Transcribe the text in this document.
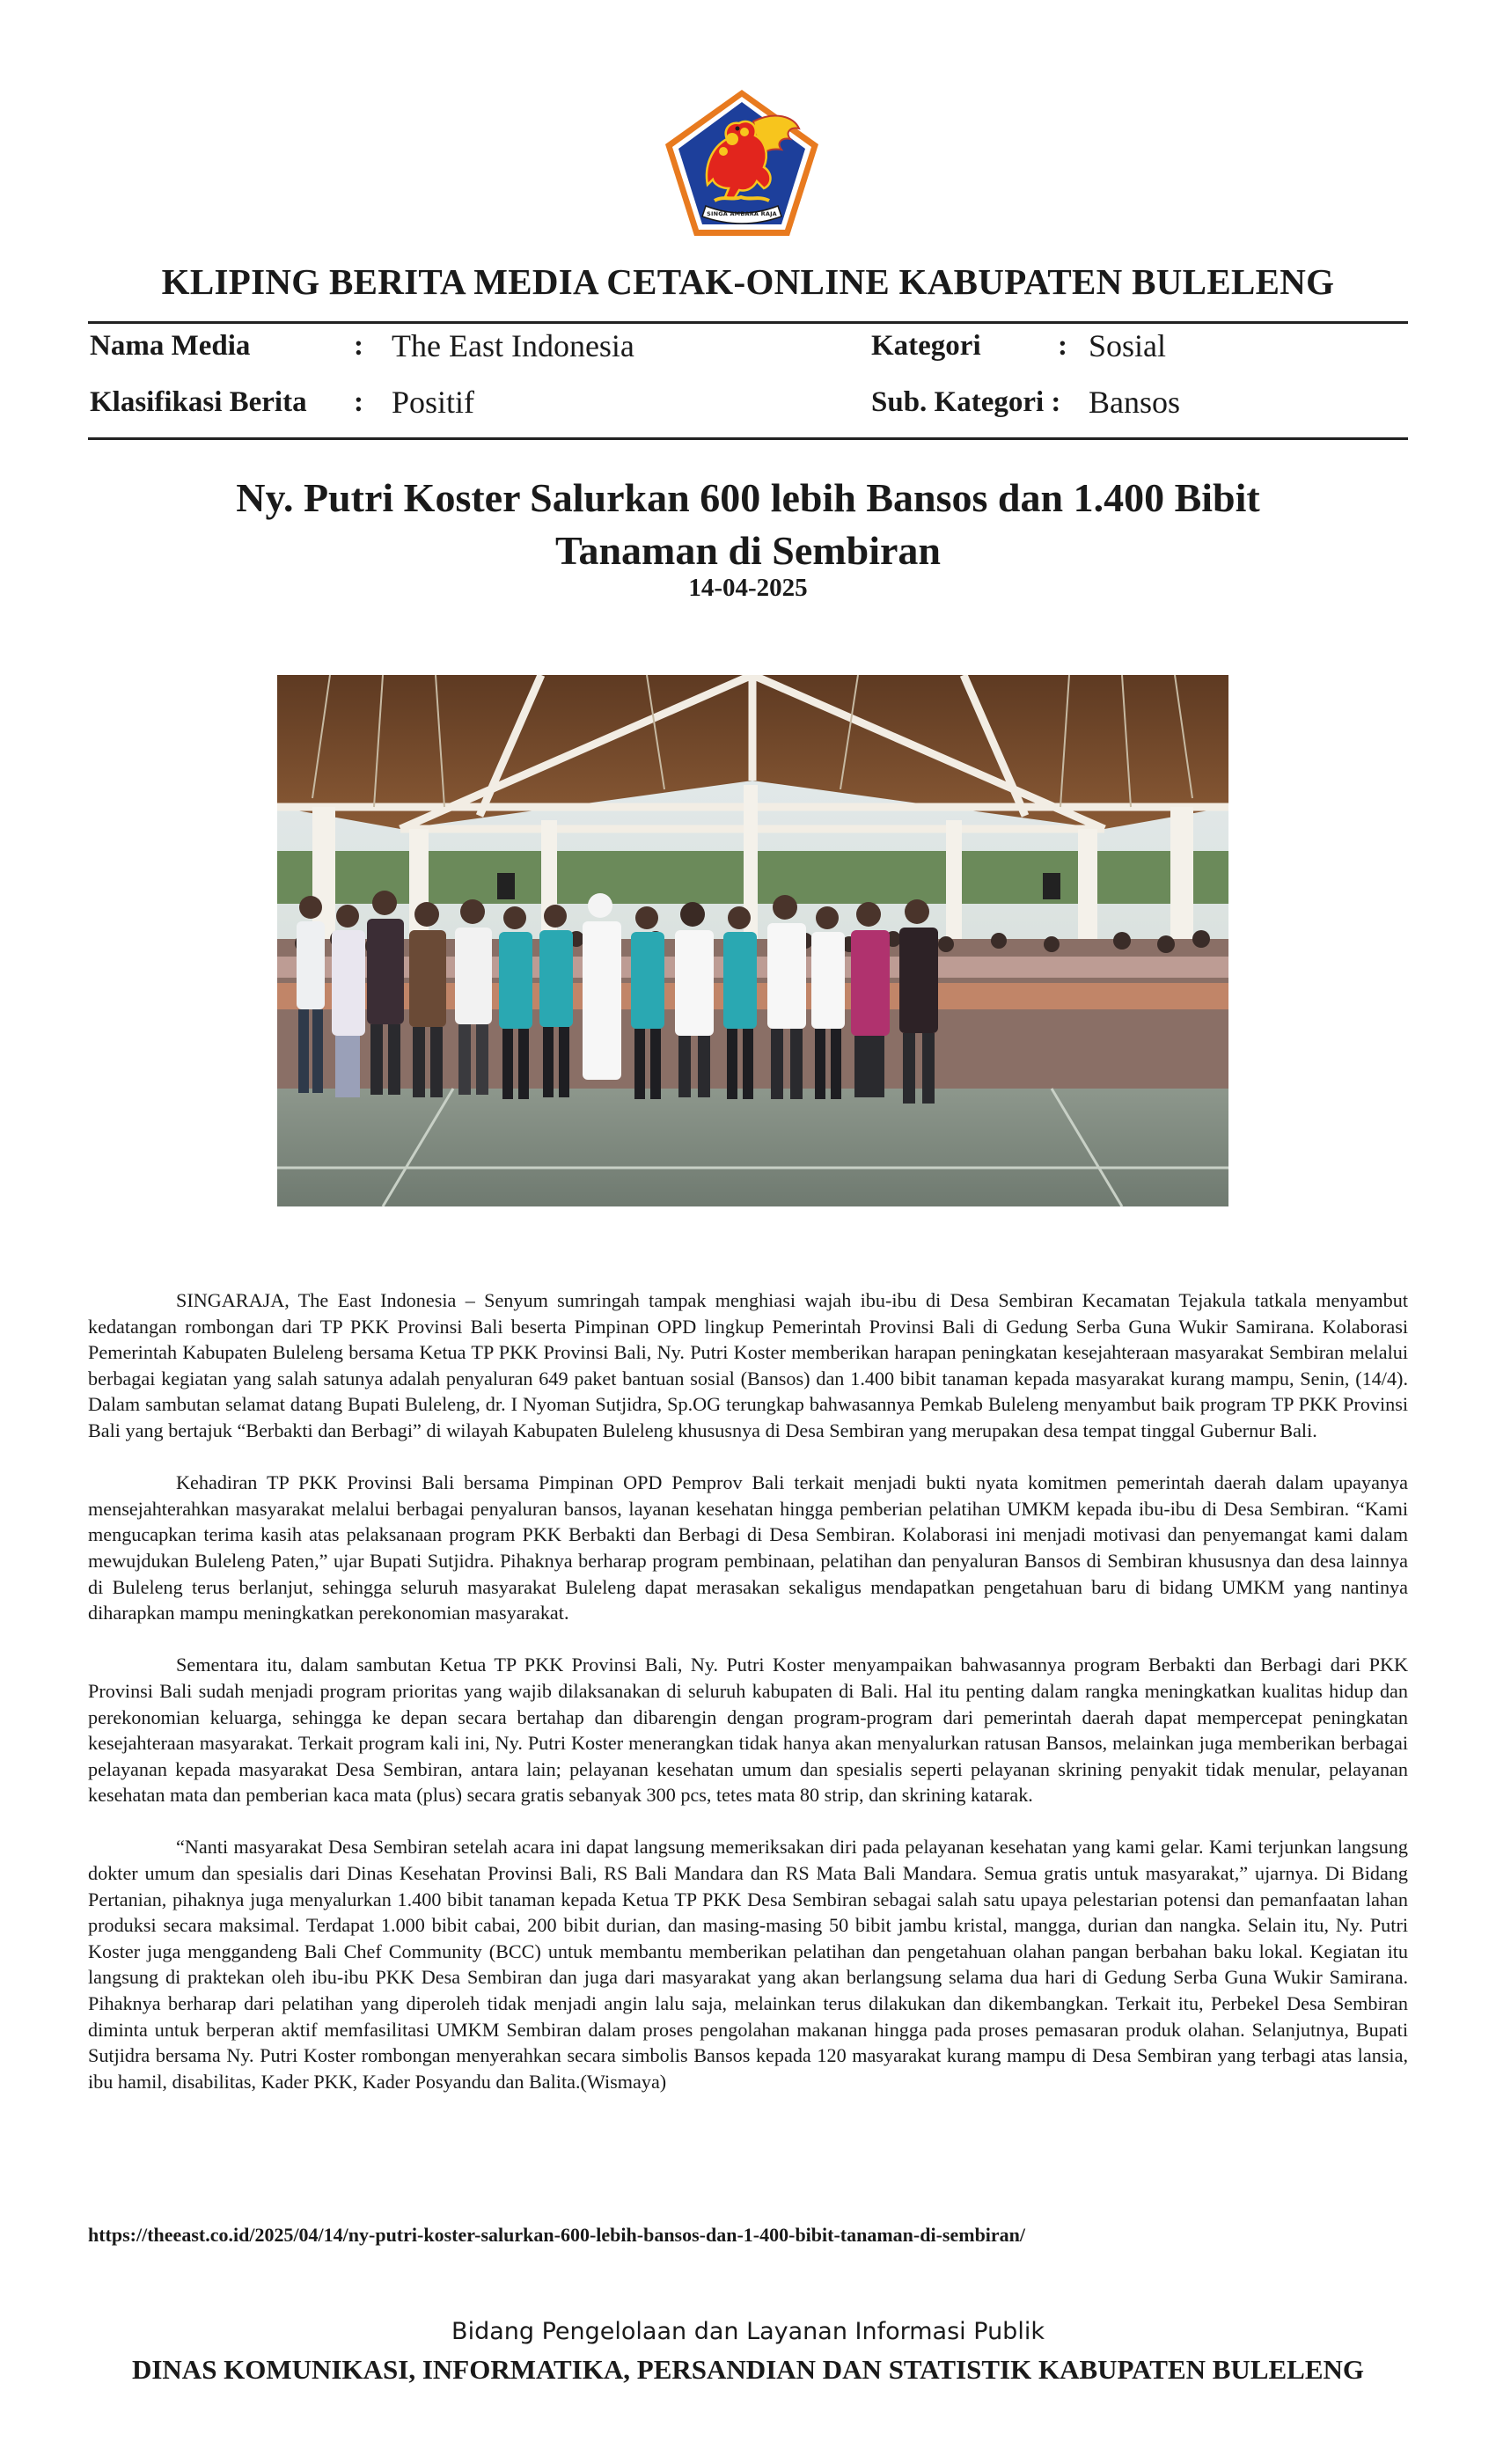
SINGA AMBARA RAJA
KLIPING BERITA MEDIA CETAK-ONLINE KABUPATEN BULELENG
Nama Media	: The East Indonesia	Kategori	: Sosial
Klasifikasi Berita : Positif	Sub. Kategori : Bansos
Ny. Putri Koster Salurkan 600 lebih Bansos dan 1.400 Bibit
Tanaman di Sembiran
14-04-2025

SINGARAJA, The East Indonesia – Senyum sumringah tampak menghiasi wajah ibu-ibu di Desa Sembiran Kecamatan Tejakula tatkala menyambut kedatangan rombongan dari TP PKK Provinsi Bali beserta Pimpinan OPD lingkup Pemerintah Provinsi Bali di Gedung Serba Guna Wukir Samirana. Kolaborasi Pemerintah Kabupaten Buleleng bersama Ketua TP PKK Provinsi Bali, Ny. Putri Koster memberikan harapan peningkatan kesejahteraan masyarakat Sembiran melalui berbagai kegiatan yang salah satunya adalah penyaluran 649 paket bantuan sosial (Bansos) dan 1.400 bibit tanaman kepada masyarakat kurang mampu, Senin, (14/4). Dalam sambutan selamat datang Bupati Buleleng, dr. I Nyoman Sutjidra, Sp.OG terungkap bahwasannya Pemkab Buleleng menyambut baik program TP PKK Provinsi Bali yang bertajuk “Berbakti dan Berbagi” di wilayah Kabupaten Buleleng khususnya di Desa Sembiran yang merupakan desa tempat tinggal Gubernur Bali.

Kehadiran TP PKK Provinsi Bali bersama Pimpinan OPD Pemprov Bali terkait menjadi bukti nyata komitmen pemerintah daerah dalam upayanya mensejahterahkan masyarakat melalui berbagai penyaluran bansos, layanan kesehatan hingga pemberian pelatihan UMKM kepada ibu-ibu di Desa Sembiran. “Kami mengucapkan terima kasih atas pelaksanaan program PKK Berbakti dan Berbagi di Desa Sembiran. Kolaborasi ini menjadi motivasi dan penyemangat kami dalam mewujdukan Buleleng Paten,” ujar Bupati Sutjidra. Pihaknya berharap program pembinaan, pelatihan dan penyaluran Bansos di Sembiran khususnya dan desa lainnya di Buleleng terus berlanjut, sehingga seluruh masyarakat Buleleng dapat merasakan sekaligus mendapatkan pengetahuan baru di bidang UMKM yang nantinya diharapkan mampu meningkatkan perekonomian masyarakat.

Sementara itu, dalam sambutan Ketua TP PKK Provinsi Bali, Ny. Putri Koster menyampaikan bahwasannya program Berbakti dan Berbagi dari PKK Provinsi Bali sudah menjadi program prioritas yang wajib dilaksanakan di seluruh kabupaten di Bali. Hal itu penting dalam rangka meningkatkan kualitas hidup dan perekonomian keluarga, sehingga ke depan secara bertahap dan dibarengin dengan program-program dari pemerintah daerah dapat mempercepat peningkatan kesejahteraan masyarakat. Terkait program kali ini, Ny. Putri Koster menerangkan tidak hanya akan menyalurkan ratusan Bansos, melainkan juga memberikan berbagai pelayanan kepada masyarakat Desa Sembiran, antara lain; pelayanan kesehatan umum dan spesialis seperti pelayanan skrining penyakit tidak menular, pelayanan kesehatan mata dan pemberian kaca mata (plus) secara gratis sebanyak 300 pcs, tetes mata 80 strip, dan skrining katarak.

“Nanti masyarakat Desa Sembiran setelah acara ini dapat langsung memeriksakan diri pada pelayanan kesehatan yang kami gelar. Kami terjunkan langsung dokter umum dan spesialis dari Dinas Kesehatan Provinsi Bali, RS Bali Mandara dan RS Mata Bali Mandara. Semua gratis untuk masyarakat,” ujarnya. Di Bidang Pertanian, pihaknya juga menyalurkan 1.400 bibit tanaman kepada Ketua TP PKK Desa Sembiran sebagai salah satu upaya pelestarian potensi dan pemanfaatan lahan produksi secara maksimal. Terdapat 1.000 bibit cabai, 200 bibit durian, dan masing-masing 50 bibit jambu kristal, mangga, durian dan nangka. Selain itu, Ny. Putri Koster juga menggandeng Bali Chef Community (BCC) untuk membantu memberikan pelatihan dan pengetahuan olahan pangan berbahan baku lokal. Kegiatan itu langsung di praktekan oleh ibu-ibu PKK Desa Sembiran dan juga dari masyarakat yang akan berlangsung selama dua hari di Gedung Serba Guna Wukir Samirana. Pihaknya berharap dari pelatihan yang diperoleh tidak menjadi angin lalu saja, melainkan terus dilakukan dan dikembangkan. Terkait itu, Perbekel Desa Sembiran diminta untuk berperan aktif memfasilitasi UMKM Sembiran dalam proses pengolahan makanan hingga pada proses pemasaran produk olahan. Selanjutnya, Bupati Sutjidra bersama Ny. Putri Koster rombongan menyerahkan secara simbolis Bansos kepada 120 masyarakat kurang mampu di Desa Sembiran yang terbagi atas lansia, ibu hamil, disabilitas, Kader PKK, Kader Posyandu dan Balita.(Wismaya)

https://theeast.co.id/2025/04/14/ny-putri-koster-salurkan-600-lebih-bansos-dan-1-400-bibit-tanaman-di-sembiran/
Bidang Pengelolaan dan Layanan Informasi Publik
DINAS KOMUNIKASI, INFORMATIKA, PERSANDIAN DAN STATISTIK KABUPATEN BULELENG
